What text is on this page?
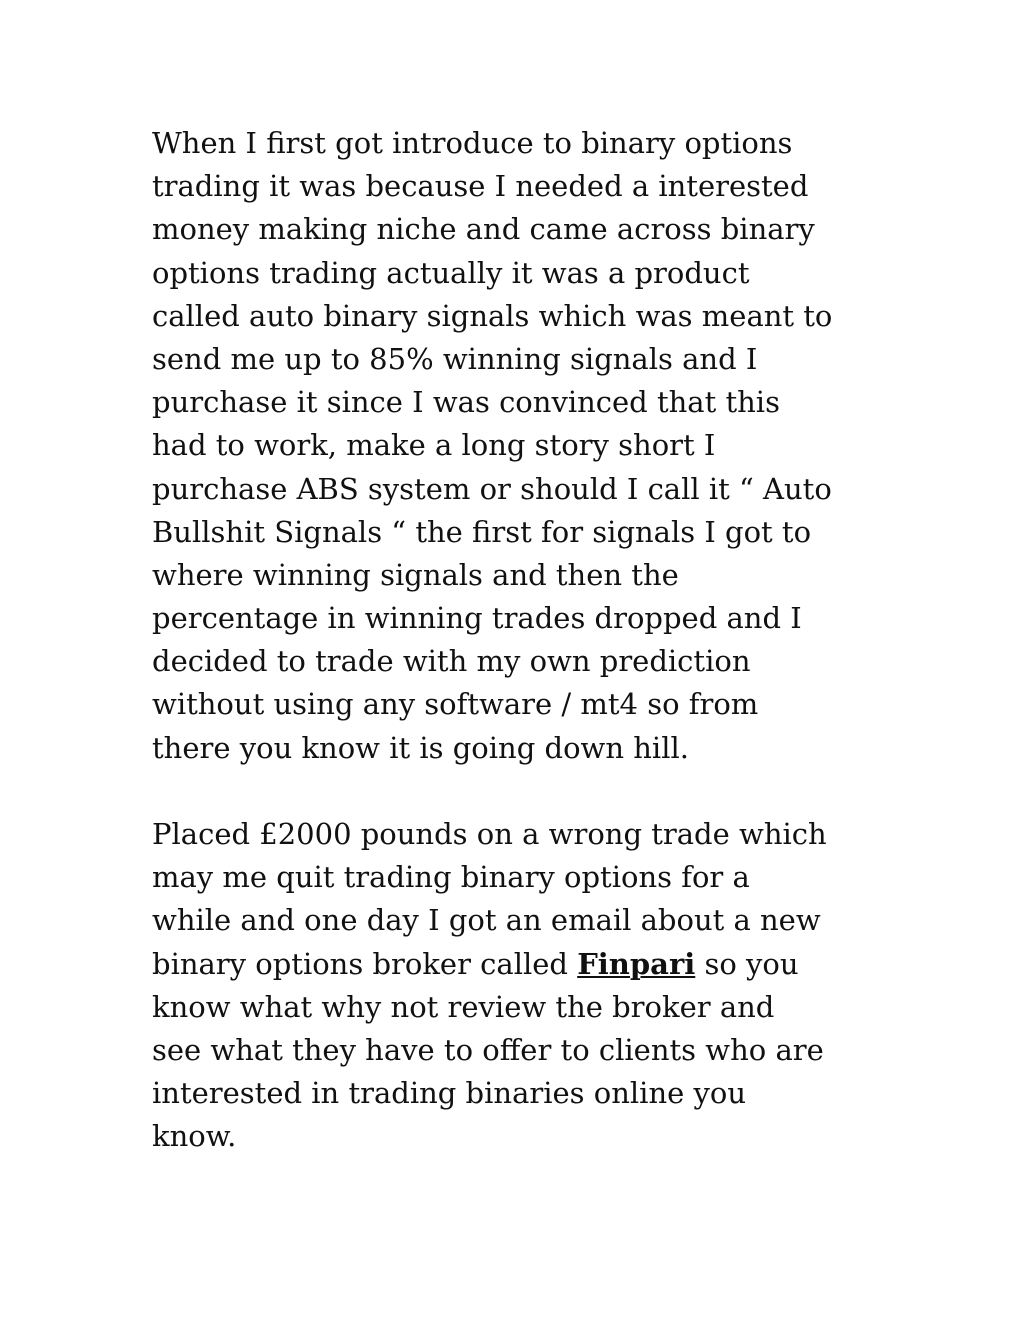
When I first got introduce to binary options
trading it was because I needed a interested
money making niche and came across binary
options trading actually it was a product
called auto binary signals which was meant to
send me up to 85% winning signals and I
purchase it since I was convinced that this
had to work, make a long story short I
purchase ABS system or should I call it “ Auto
Bullshit Signals “ the first for signals I got to
where winning signals and then the
percentage in winning trades dropped and I
decided to trade with my own prediction
without using any software / mt4 so from
there you know it is going down hill.
Placed £2000 pounds on a wrong trade which
may me quit trading binary options for a
while and one day I got an email about a new
binary options broker called Finpari so you
know what why not review the broker and
see what they have to offer to clients who are
interested in trading binaries online you
know.
